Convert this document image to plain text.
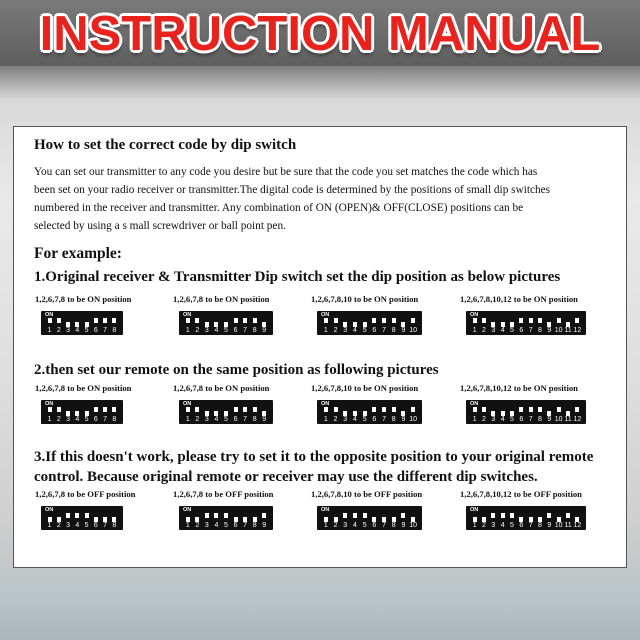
INSTRUCTION MANUAL
How to set the correct code by dip switch
You can set our transmitter to any code you desire but be sure that the code you set matches the code which has
been set on your radio receiver or transmitter.The digital code is determined by the positions of small dip switches
numbered in the receiver and transmitter. Any combination of ON (OPEN)& OFF(CLOSE) positions can be
selected by using a s mall screwdriver or ball point pen.
For example:
1.Original receiver & Transmitter Dip switch set the dip position as below pictures
2.then set our remote on the same position as following pictures
3.If this doesn't work, please try to set it to the opposite position to your original remote
control. Because original remote or receiver may use the different dip switches.
1,2,6,7,8 to be ON position
ON
1 2 3 4 5 6 7 8
1,2,6,7,8 to be ON position
ON
1 2 3 4 5 6 7 8 9
1,2,6,7,8,10 to be ON position
ON
1 2 3 4 5 6 7 8 9 10
1,2,6,7,8,10,12 to be ON position
ON
1 2 3 4 5 6 7 8 9 10 11 12
1,2,6,7,8 to be ON position
ON
1 2 3 4 5 6 7 8
1,2,6,7,8 to be ON position
ON
1 2 3 4 5 6 7 8 9
1,2,6,7,8,10 to be ON position
ON
1 2 3 4 5 6 7 8 9 10
1,2,6,7,8,10,12 to be ON position
ON
1 2 3 4 5 6 7 8 9 10 11 12
1,2,6,7,8 to be OFF position
ON
1 2 3 4 5 6 7 8
1,2,6,7,8 to be OFF position
ON
1 2 3 4 5 6 7 8 9
1,2,6,7,8,10 to be OFF position
ON
1 2 3 4 5 6 7 8 9 10
1,2,6,7,8,10,12 to be OFF position
ON
1 2 3 4 5 6 7 8 9 10 11 12
